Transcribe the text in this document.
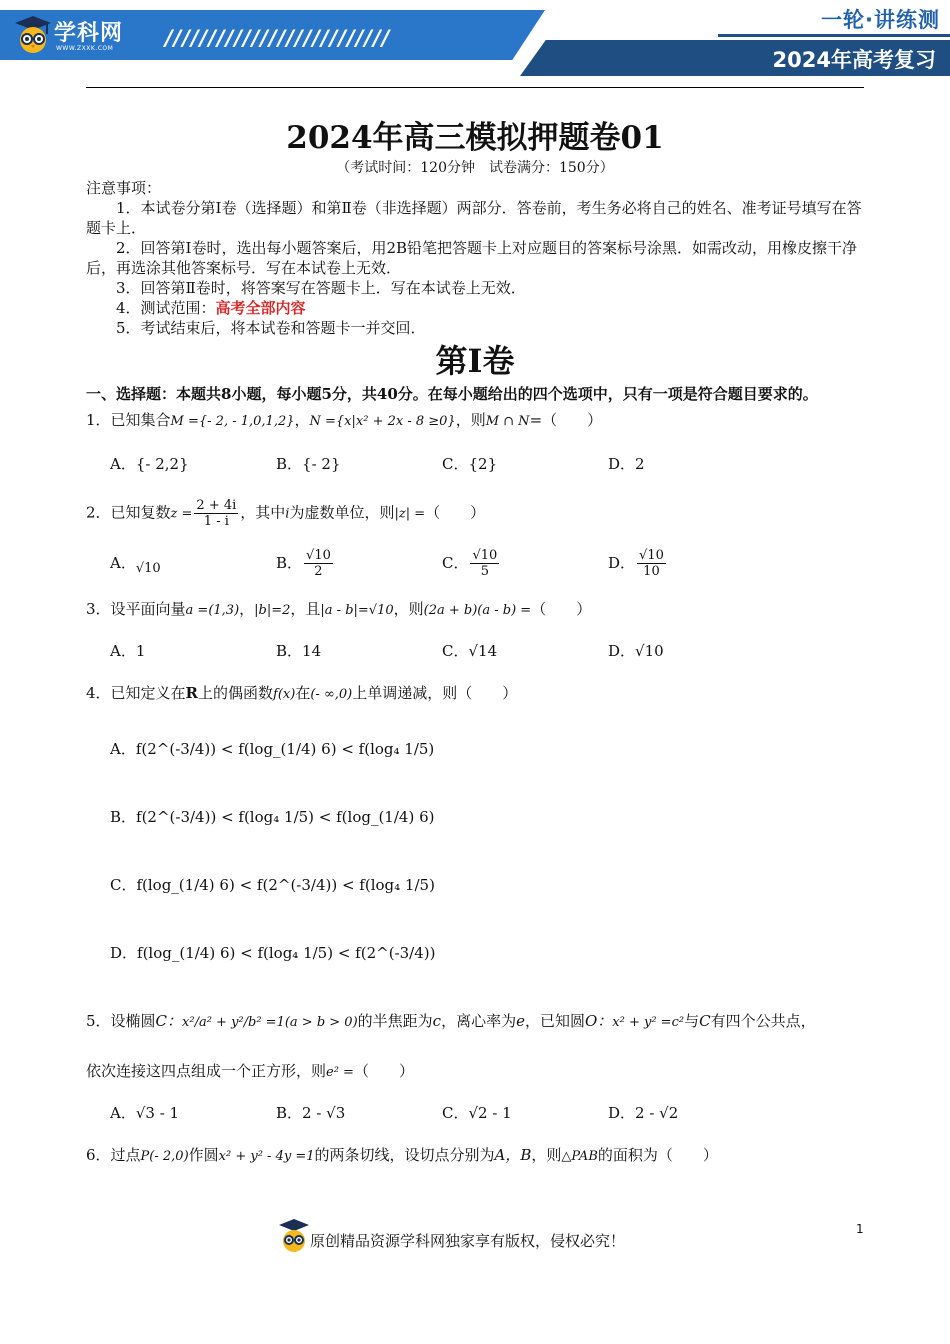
学科网
WWW.ZXXK.COM //////////////////////////
一轮·讲练测
2024年高考复习
2024年高三模拟押题卷01
（考试时间：120分钟　试卷满分：150分）

注意事项：

1．本试卷分第Ⅰ卷（选择题）和第Ⅱ卷（非选择题）两部分．答卷前，考生务必将自己的姓名、准考证号填写在答题卡上．

2．回答第Ⅰ卷时，选出每小题答案后，用2B铅笔把答题卡上对应题目的答案标号涂黑．如需改动，用橡皮擦干净后，再选涂其他答案标号．写在本试卷上无效．

3．回答第Ⅱ卷时，将答案写在答题卡上．写在本试卷上无效．

4．测试范围：高考全部内容

5．考试结束后，将本试卷和答题卡一并交回．

第Ⅰ卷
一、选择题：本题共8小题，每小题5分，共40分。在每小题给出的四个选项中，只有一项是符合题目要求的。

1．已知集合M ={- 2, - 1,0,1,2}，N ={x|x² + 2x - 8 ≥0}，则M ∩ N=（　　）

A．{- 2,2}	B．{- 2}	C．{2}	D．2

2．已知复数$z = \frac{2 + 4i}{1 - i}$ ，其中i为虚数单位，则|z| =（　　）

A． √10	B． $\frac{√10}{2}$	C． $\frac{√10}{5}$	D． $\frac{√10}{10}$

3．设平面向量a =(1,3)，|b|=2，且|a - b|=√10，则(2a + b)(a - b) =（　　）

A．1	B．14	C．√14	D．√10

4．已知定义在R上的偶函数f(x)在(- ∞,0)上单调递减，则（　　）

A．f(2^(-3/4)) < f(log_(1/4) 6) < f(log₄ 1/5)
B．f(2^(-3/4)) < f(log₄ 1/5) < f(log_(1/4) 6)
C．f(log_(1/4) 6) < f(2^(-3/4)) < f(log₄ 1/5)
D．f(log_(1/4) 6) < f(log₄ 1/5) < f(2^(-3/4))

5．设椭圆C：x²/a² + y²/b² =1(a > b > 0)的半焦距为c，离心率为e，已知圆O：x² + y² =c²与C有四个公共点，

依次连接这四点组成一个正方形，则e² =（　　）

A．√3 - 1	B．2 - √3	C．√2 - 1	D．2 - √2

6．过点P(- 2,0)作圆x² + y² - 4y =1的两条切线，设切点分别为A，B，则△PAB的面积为（　　）

原创精品资源学科网独家享有版权，侵权必究！
1
